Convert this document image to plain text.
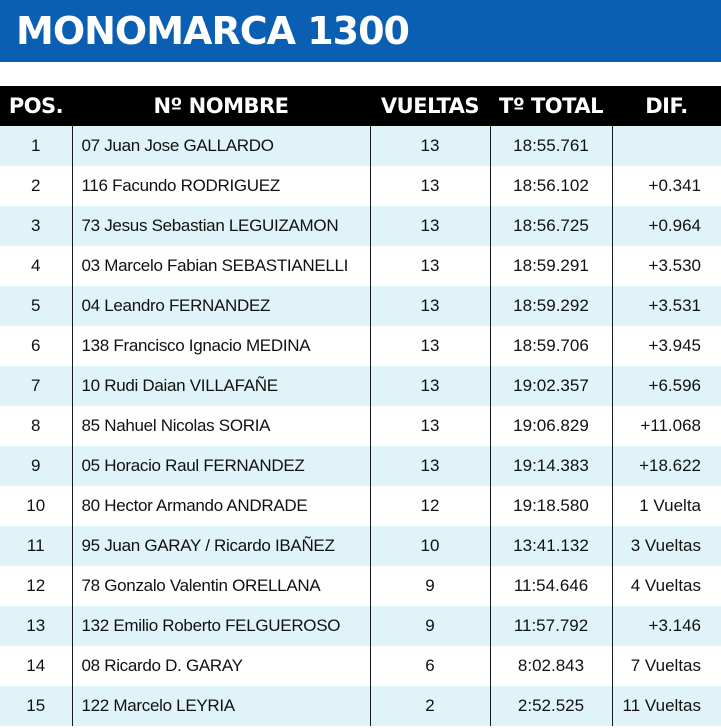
MONOMARCA 1300
POS.	Nº NOMBRE	VUELTAS	Tº TOTAL	DIF.
1	07 Juan Jose GALLARDO	13	18:55.761	
2	116 Facundo RODRIGUEZ	13	18:56.102	+0.341
3	73 Jesus Sebastian LEGUIZAMON	13	18:56.725	+0.964
4	03 Marcelo Fabian SEBASTIANELLI	13	18:59.291	+3.530
5	04 Leandro FERNANDEZ	13	18:59.292	+3.531
6	138 Francisco Ignacio MEDINA	13	18:59.706	+3.945
7	10 Rudi Daian VILLAFAÑE	13	19:02.357	+6.596
8	85 Nahuel Nicolas SORIA	13	19:06.829	+11.068
9	05 Horacio Raul FERNANDEZ	13	19:14.383	+18.622
10	80 Hector Armando ANDRADE	12	19:18.580	1 Vuelta
11	95 Juan GARAY / Ricardo IBAÑEZ	10	13:41.132	3 Vueltas
12	78 Gonzalo Valentin ORELLANA	9	11:54.646	4 Vueltas
13	132 Emilio Roberto FELGUEROSO	9	11:57.792	+3.146
14	08 Ricardo D. GARAY	6	8:02.843	7 Vueltas
15	122 Marcelo LEYRIA	2	2:52.525	11 Vueltas
